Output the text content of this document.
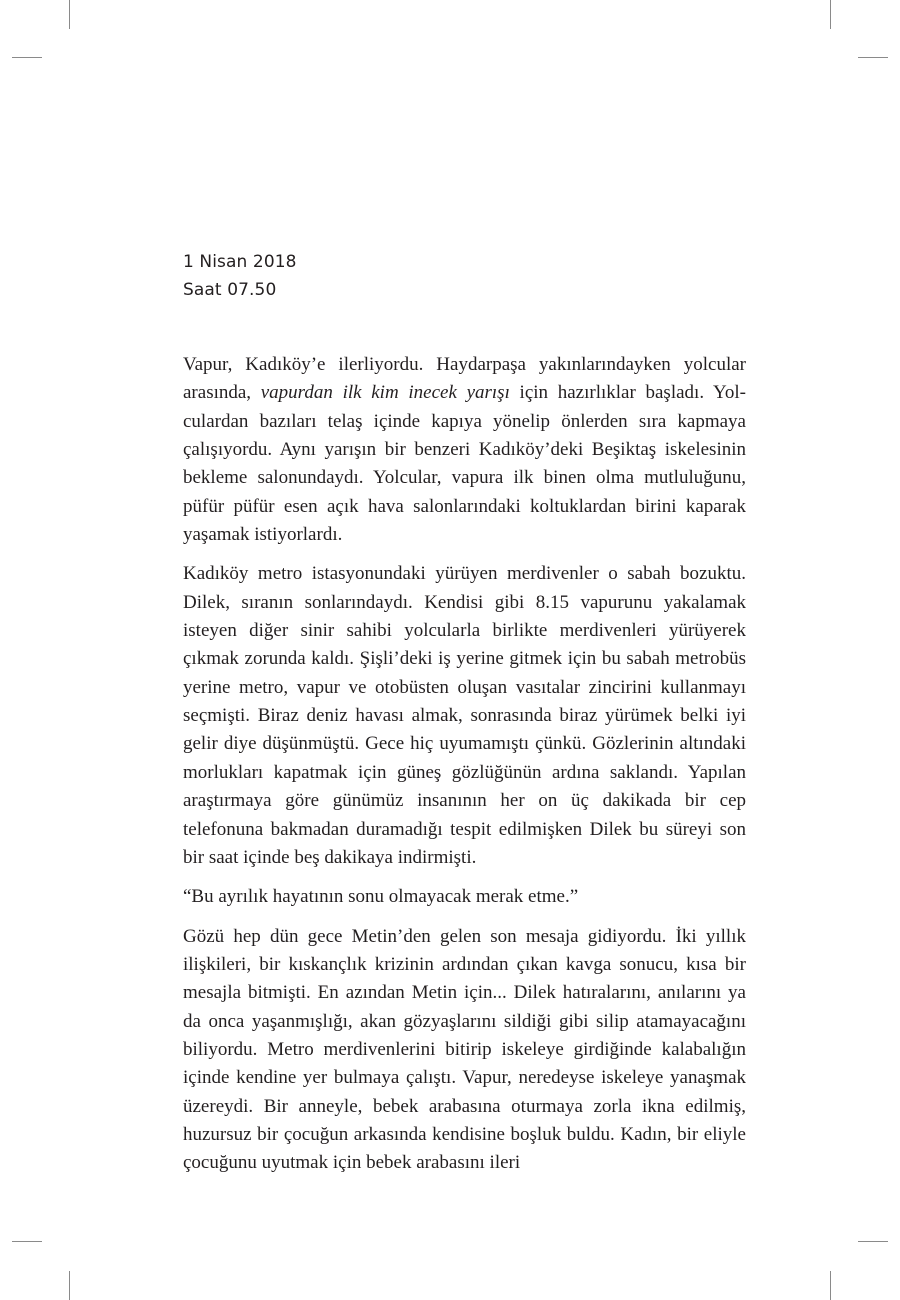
1 Nisan 2018
Saat 07.50

Vapur, Kadıköy’e ilerliyordu. Haydarpaşa yakınlarındayken yolcular arasında, vapurdan ilk kim inecek yarışı için hazırlıklar başladı. Yolculardan bazıları telaş içinde kapıya yönelip önlerden sıra kapmaya çalışıyordu. Aynı yarışın bir benzeri Kadıköy’deki Beşiktaş iskelesinin bekleme salonundaydı. Yolcular, vapura ilk binen olma mutluluğunu, püfür püfür esen açık hava salonlarındaki koltuklardan birini kaparak yaşamak istiyorlardı.

Kadıköy metro istasyonundaki yürüyen merdivenler o sabah bozuktu. Dilek, sıranın sonlarındaydı. Kendisi gibi 8.15 vapurunu yakalamak isteyen diğer sinir sahibi yolcularla birlikte merdivenleri yürüyerek çıkmak zorunda kaldı. Şişli’deki iş yerine gitmek için bu sabah metrobüs yerine metro, vapur ve otobüsten oluşan vasıtalar zincirini kullanmayı seçmişti. Biraz deniz havası almak, sonrasında biraz yürümek belki iyi gelir diye düşünmüştü. Gece hiç uyumamıştı çünkü. Gözlerinin altındaki morlukları kapatmak için güneş gözlüğünün ardına saklandı. Yapılan araştırmaya göre günümüz insanının her on üç dakikada bir cep telefonuna bakmadan duramadığı tespit edilmişken Dilek bu süreyi son bir saat içinde beş dakikaya indirmişti.

“Bu ayrılık hayatının sonu olmayacak merak etme.”

Gözü hep dün gece Metin’den gelen son mesaja gidiyordu. İki yıllık ilişkileri, bir kıskançlık krizinin ardından çıkan kavga sonucu, kısa bir mesajla bitmişti. En azından Metin için... Dilek hatıralarını, anılarını ya da onca yaşanmışlığı, akan gözyaşlarını sildiği gibi silip atamayacağını biliyordu. Metro merdivenlerini bitirip iskeleye girdiğinde kalabalığın içinde kendine yer bulmaya çalıştı. Vapur, neredeyse iskeleye yanaşmak üzereydi. Bir anneyle, bebek arabasına oturmaya zorla ikna edilmiş, huzursuz bir çocuğun arkasında kendisine boşluk buldu. Kadın, bir eliyle çocuğunu uyutmak için bebek arabasını ileri
